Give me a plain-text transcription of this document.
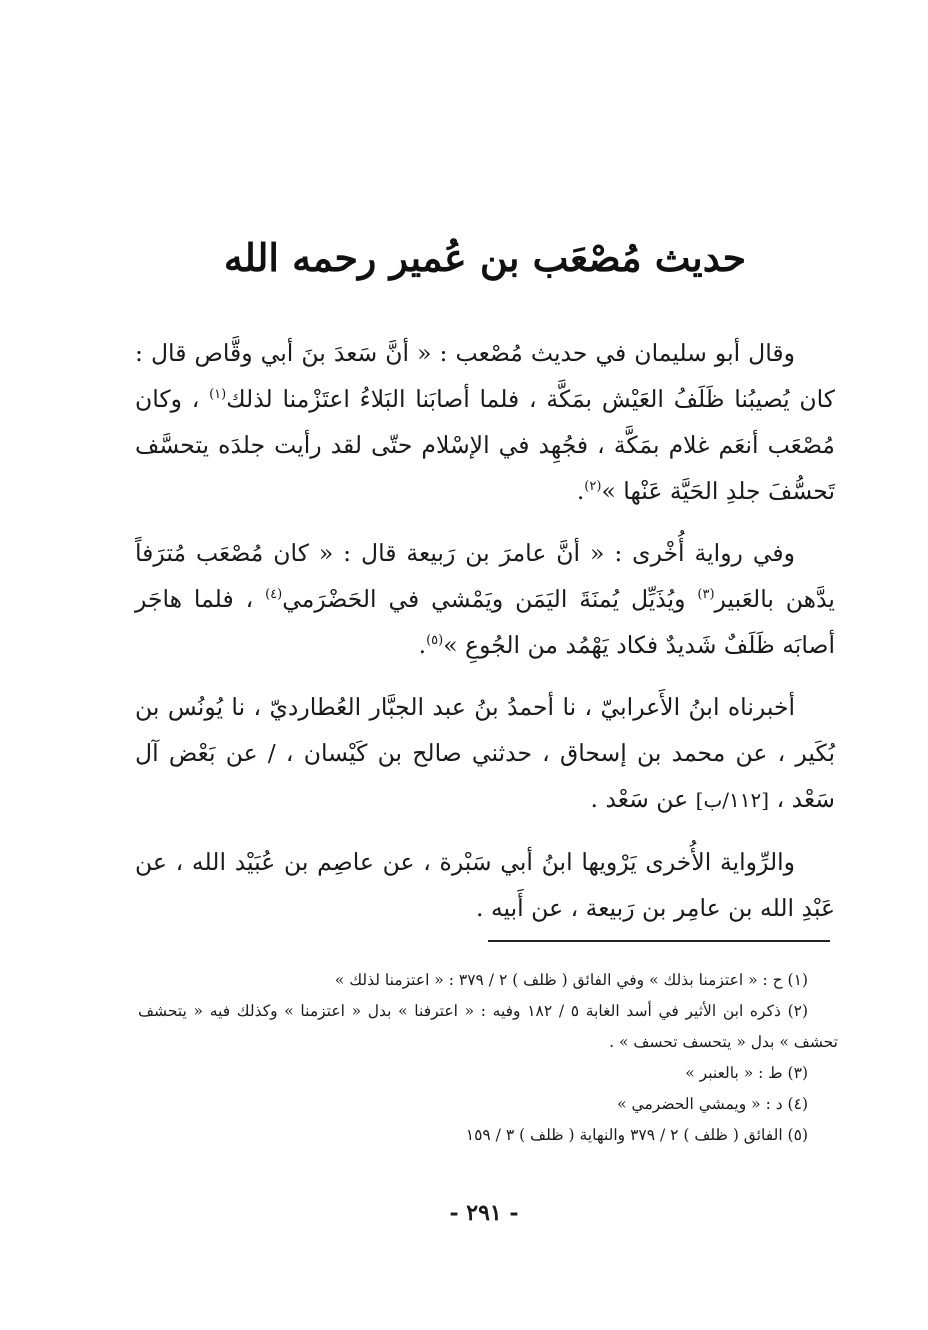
حديث مُصْعَب بن عُمير رحمه الله

وقال أبو سليمان في حديث مُصْعب : « أنَّ سَعدَ بنَ أبي وقَّاص قال : كان يُصيبُنا ظَلَفُ العَيْش بمَكَّة ، فلما أصابَنا البَلاءُ اعتَزْمنا لذلك$^{(١)}$ ، وكان مُصْعَب أنعَم غلام بمَكَّة ، فجُهِد في الإسْلام حتّى لقد رأيت جلدَه يتحسَّف تَحسُّفَ جلدِ الحَيَّة عَنْها »$^{(٢)}$.

وفي رواية أُخْرى : « أنَّ عامرَ بن رَبيعة قال : « كان مُصْعَب مُترَفاً يدَّهن بالعَبير$^{(٣)}$ ويُذَيِّل يُمنَةَ اليَمَن ويَمْشي في الحَضْرَمي$^{(٤)}$ ، فلما هاجَر أصابَه ظَلَفٌ شَديدٌ فكاد يَهْمُد من الجُوعِ »$^{(٥)}$.

أخبرناه ابنُ الأَعرابيّ ، نا أحمدُ بنُ عبد الجبَّار العُطارديّ ، نا يُونُس بن بُكَير ، عن محمد بن إسحاق ، حدثني صالح بن كَيْسان ، / عن بَعْض آل سَعْد ، [١١٢/ب] عن سَعْد .

والرِّواية الأُخرى يَرْويها ابنُ أبي سَبْرة ، عن عاصِم بن عُبَيْد الله ، عن عَبْدِ الله بن عامِر بن رَبيعة ، عن أَبيه .

(١) ح : « اعتزمنا بذلك » وفي الفائق ( ظلف ) ٢ / ٣٧٩ : « اعتزمنا لذلك »

(٢) ذكره ابن الأثير في أسد الغابة ٥ / ١٨٢ وفيه : « اعترفنا » بدل « اعتزمنا » وكذلك فيه « يتحشف تحشف » بدل « يتحسف تحسف » .

(٣) ط : « بالعنبر »

(٤) د : « ويمشي الحضرمي »

(٥) الفائق ( ظلف ) ٢ / ٣٧٩ والنهاية ( ظلف ) ٣ / ١٥٩

- ٢٩١ -
